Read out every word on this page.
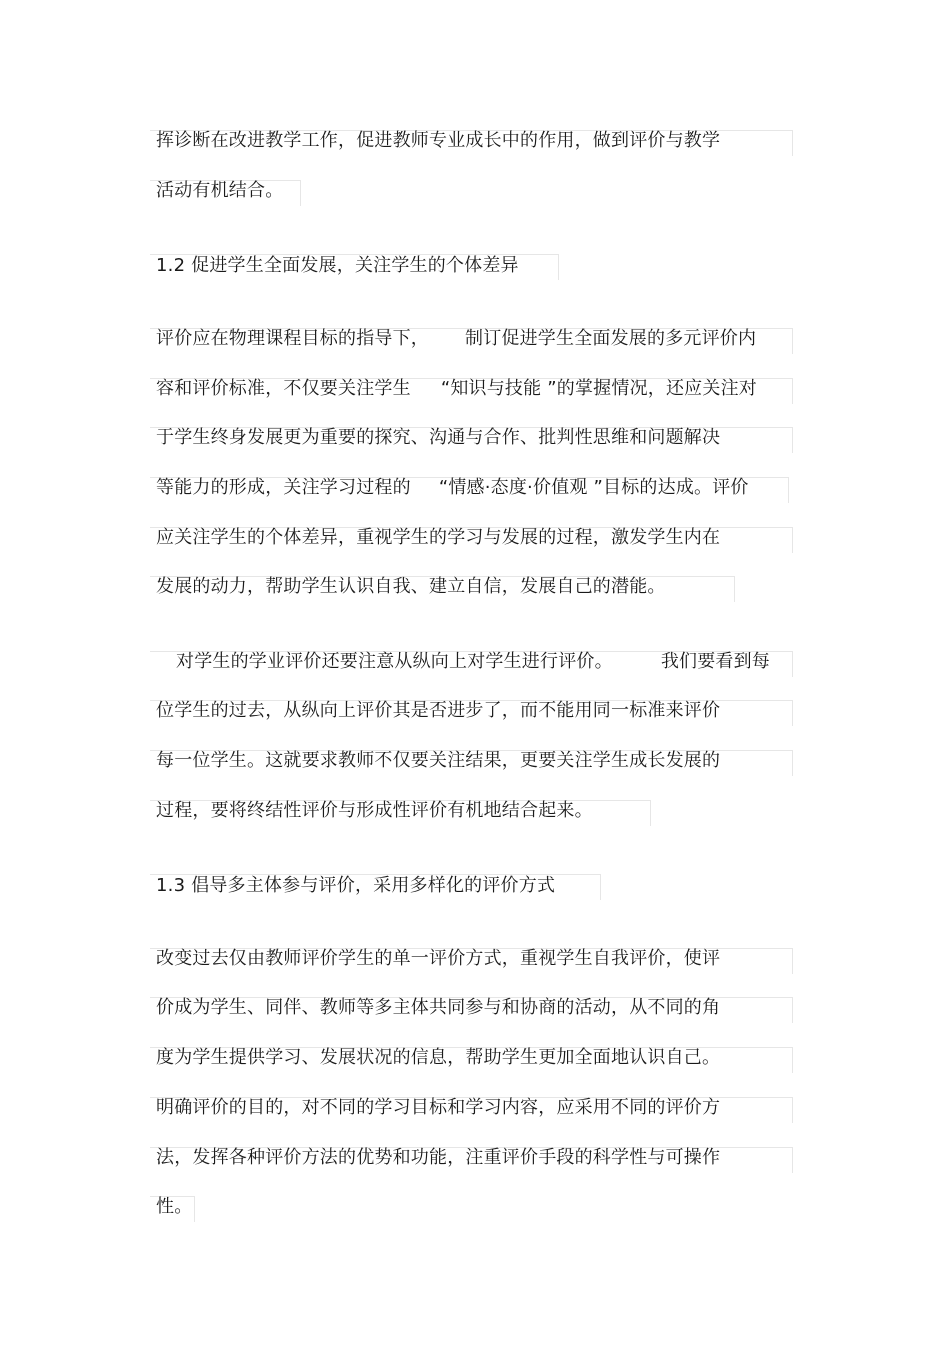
挥诊断在改进教学工作，促进教师专业成长中的作用，做到评价与教学
活动有机结合。
1.2 促进学生全面发展，关注学生的个体差异
评价应在物理课程目标的指导下， 制订促进学生全面发展的多元评价内
容和评价标准，不仅要关注学生 “知识与技能 ”的掌握情况，还应关注对
于学生终身发展更为重要的探究、沟通与合作、批判性思维和问题解决
等能力的形成，关注学习过程的 “情感·态度·价值观 ”目标的达成。评价
应关注学生的个体差异，重视学生的学习与发展的过程，激发学生内在
发展的动力，帮助学生认识自我、建立自信，发展自己的潜能。
对学生的学业评价还要注意从纵向上对学生进行评价。	我们要看到每
位学生的过去，从纵向上评价其是否进步了，而不能用同一标准来评价
每一位学生。这就要求教师不仅要关注结果，更要关注学生成长发展的
过程，要将终结性评价与形成性评价有机地结合起来。
1.3 倡导多主体参与评价，采用多样化的评价方式
改变过去仅由教师评价学生的单一评价方式，重视学生自我评价，使评
价成为学生、同伴、教师等多主体共同参与和协商的活动，从不同的角
度为学生提供学习、发展状况的信息，帮助学生更加全面地认识自己。
明确评价的目的，对不同的学习目标和学习内容，应采用不同的评价方
法，发挥各种评价方法的优势和功能，注重评价手段的科学性与可操作
性。
